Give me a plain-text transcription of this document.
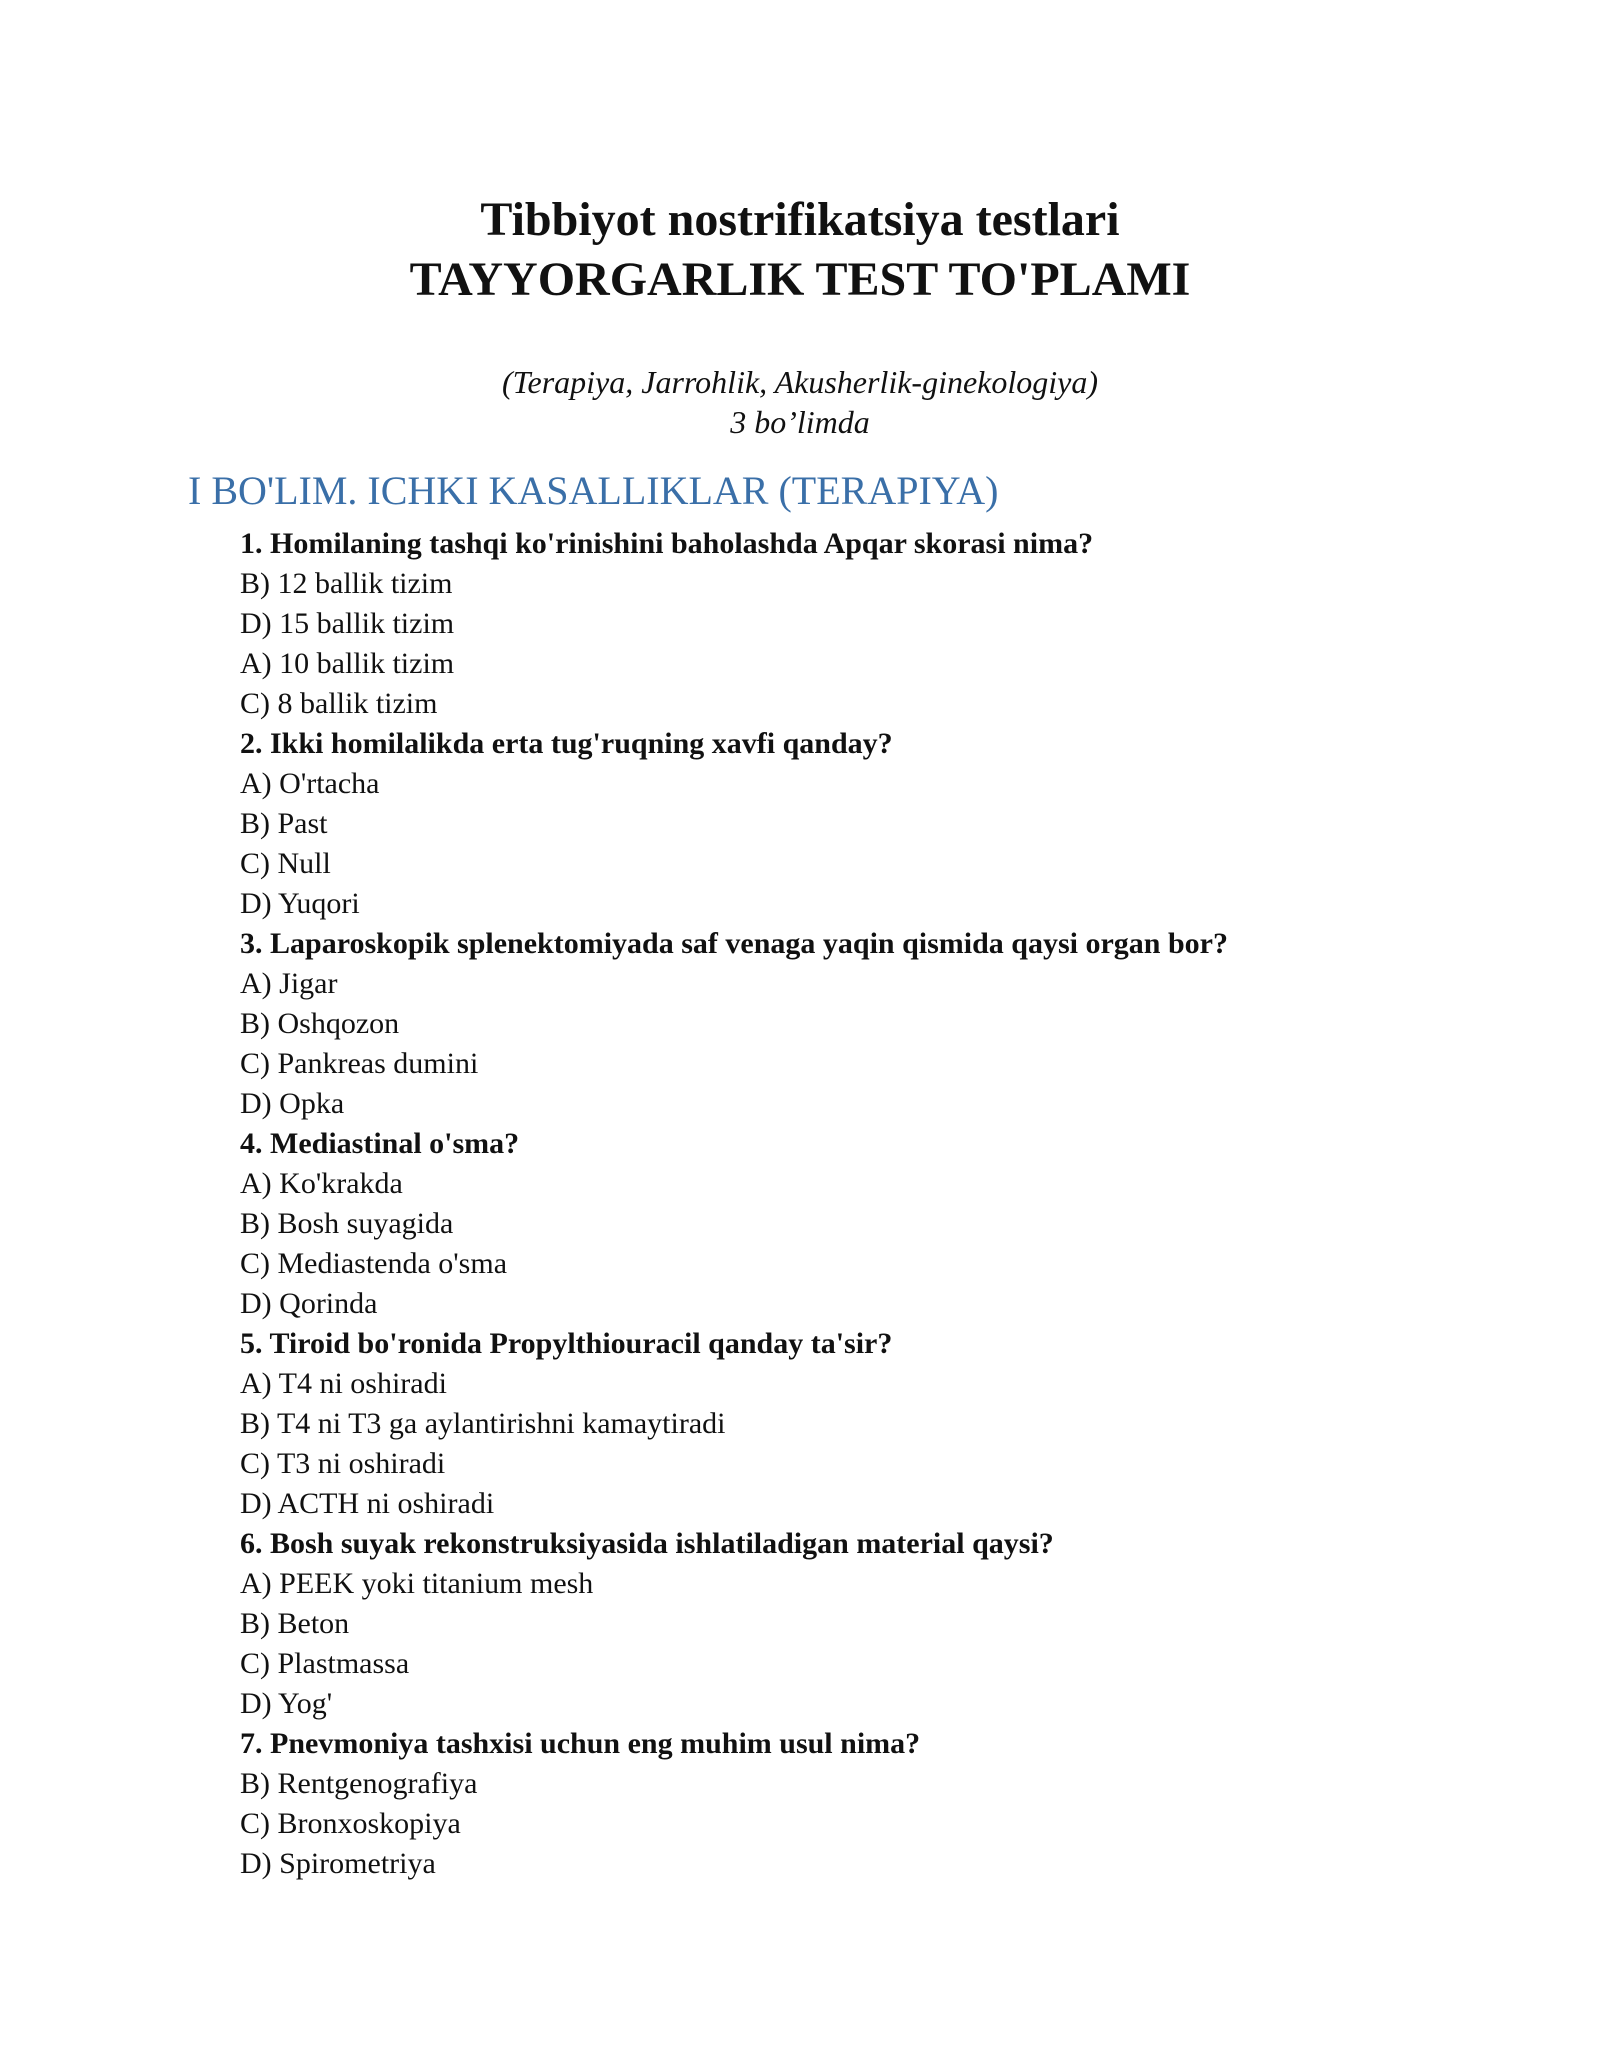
Tibbiyot nostrifikatsiya testlari
TAYYORGARLIK TEST TO'PLAMI
(Terapiya, Jarrohlik, Akusherlik-ginekologiya)
3 bo’limda
I BO'LIM. ICHKI KASALLIKLAR (TERAPIYA)
1. Homilaning tashqi ko'rinishini baholashda Apqar skorasi nima?
B) 12 ballik tizim
D) 15 ballik tizim
A) 10 ballik tizim
C) 8 ballik tizim
2. Ikki homilalikda erta tug'ruqning xavfi qanday?
A) O'rtacha
B) Past
C) Null
D) Yuqori
3. Laparoskopik splenektomiyada saf venaga yaqin qismida qaysi organ bor?
A) Jigar
B) Oshqozon
C) Pankreas dumini
D) Opka
4. Mediastinal o'sma?
A) Ko'krakda
B) Bosh suyagida
C) Mediastenda o'sma
D) Qorinda
5. Tiroid bo'ronida Propylthiouracil qanday ta'sir?
A) T4 ni oshiradi
B) T4 ni T3 ga aylantirishni kamaytiradi
C) T3 ni oshiradi
D) ACTH ni oshiradi
6. Bosh suyak rekonstruksiyasida ishlatiladigan material qaysi?
A) PEEK yoki titanium mesh
B) Beton
C) Plastmassa
D) Yog'
7. Pnevmoniya tashxisi uchun eng muhim usul nima?
B) Rentgenografiya
C) Bronxoskopiya
D) Spirometriya
